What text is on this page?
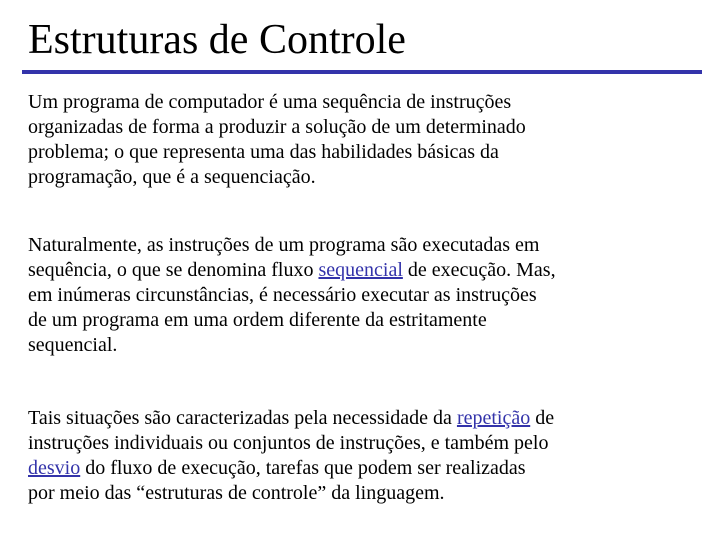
Estruturas de Controle

Um programa de computador é uma sequência de instruções
organizadas de forma a produzir a solução de um determinado
problema; o que representa uma das habilidades básicas da
programação, que é a sequenciação.

Naturalmente, as instruções de um programa são executadas em
sequência, o que se denomina fluxo sequencial de execução. Mas,
em inúmeras circunstâncias, é necessário executar as instruções
de um programa em uma ordem diferente da estritamente
sequencial.

Tais situações são caracterizadas pela necessidade da repetição de
instruções individuais ou conjuntos de instruções, e também pelo
desvio do fluxo de execução, tarefas que podem ser realizadas
por meio das “estruturas de controle” da linguagem.
